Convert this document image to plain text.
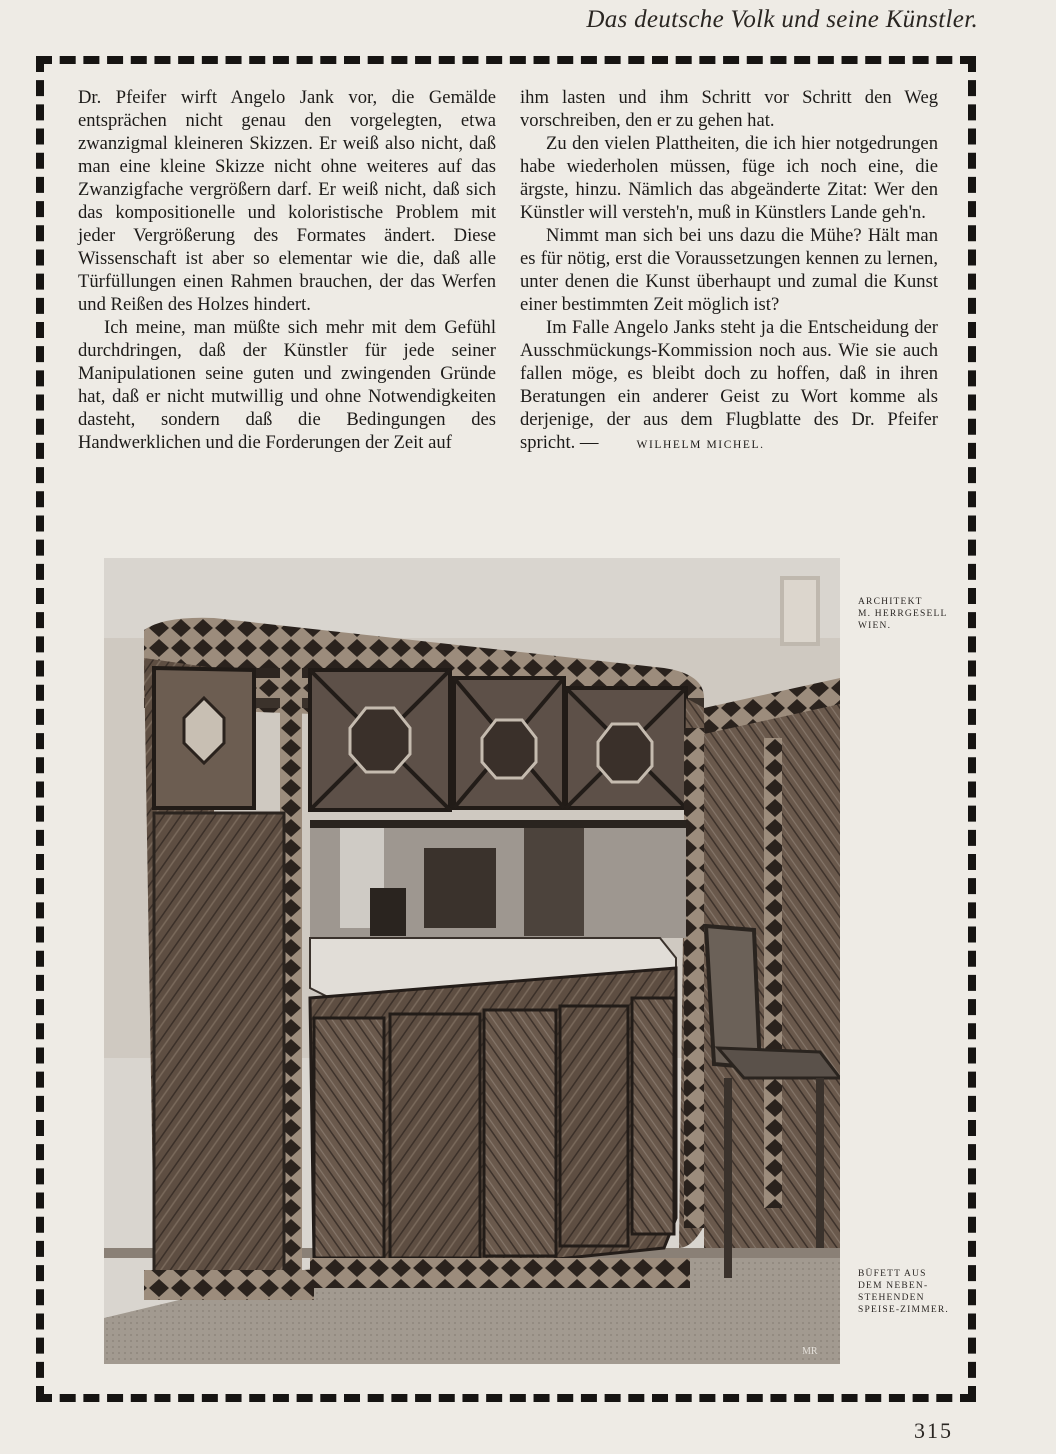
Das deutsche Volk und seine Künstler.

Dr. Pfeifer wirft Angelo Jank vor, die Gemälde entsprächen nicht genau den vorgelegten, etwa zwanzigmal kleineren Skizzen. Er weiß also nicht, daß man eine kleine Skizze nicht ohne weiteres auf das Zwanzigfache vergrößern darf. Er weiß nicht, daß sich das kompositionelle und koloristische Problem mit jeder Vergrößerung des Formates ändert. Diese Wissenschaft ist aber so elementar wie die, daß alle Türfüllungen einen Rahmen brauchen, der das Werfen und Reißen des Holzes hindert.

Ich meine, man müßte sich mehr mit dem Gefühl durchdringen, daß der Künstler für jede seiner Manipulationen seine guten und zwingenden Gründe hat, daß er nicht mutwillig und ohne Notwendigkeiten dasteht, sondern daß die Bedingungen des Handwerklichen und die Forderungen der Zeit auf

ihm lasten und ihm Schritt vor Schritt den Weg vorschreiben, den er zu gehen hat.

Zu den vielen Plattheiten, die ich hier notgedrungen habe wiederholen müssen, füge ich noch eine, die ärgste, hinzu. Nämlich das abgeänderte Zitat: Wer den Künstler will versteh'n, muß in Künstlers Lande geh'n.

Nimmt man sich bei uns dazu die Mühe? Hält man es für nötig, erst die Voraussetzungen kennen zu lernen, unter denen die Kunst überhaupt und zumal die Kunst einer bestimmten Zeit möglich ist?

Im Falle Angelo Janks steht ja die Entscheidung der Ausschmückungs-Kommission noch aus. Wie sie auch fallen möge, es bleibt doch zu hoffen, daß in ihren Beratungen ein anderer Geist zu Wort komme als derjenige, der aus dem Flugblatte des Dr. Pfeifer spricht. —	WILHELM MICHEL.

MR
ARCHITEKT
M. HERRGESELL
WIEN.
BÜFETT AUS
DEM NEBEN-
STEHENDEN
SPEISE-ZIMMER.
315
